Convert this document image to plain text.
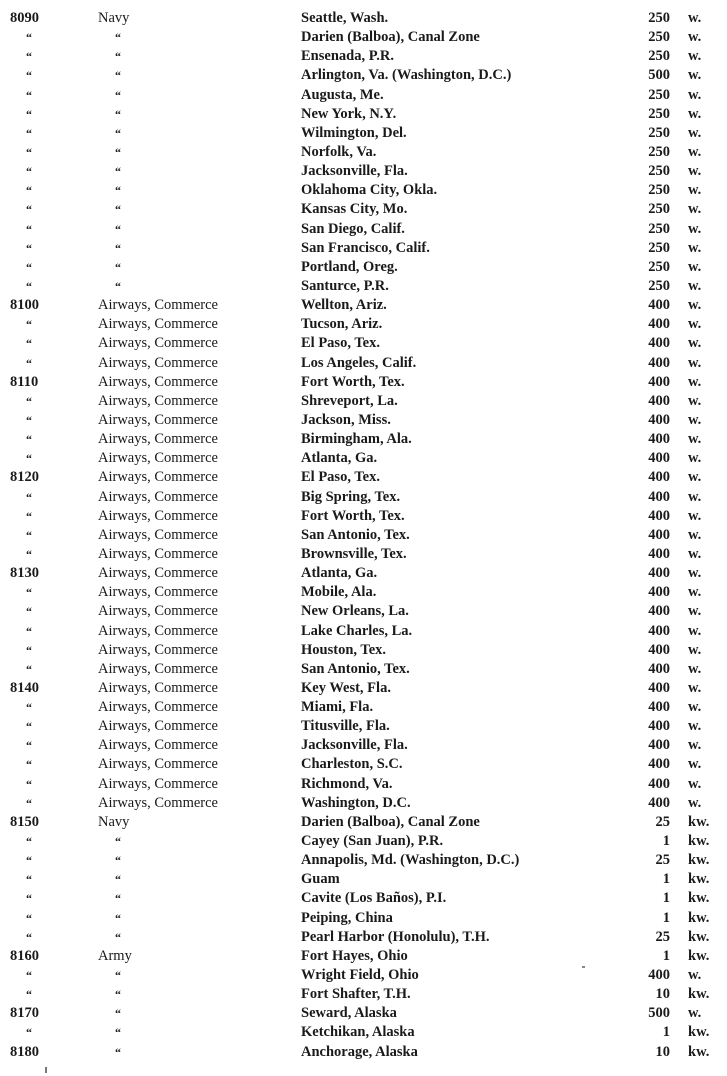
8090	Navy	Seattle, Wash.	250 w.
“	“	Darien (Balboa), Canal Zone	250 w.
“	“	Ensenada, P.R.	250 w.
“	“	Arlington, Va. (Washington, D.C.)	500 w.
“	“	Augusta, Me.	250 w.
“	“	New York, N.Y.	250 w.
“	“	Wilmington, Del.	250 w.
“	“	Norfolk, Va.	250 w.
“	“	Jacksonville, Fla.	250 w.
“	“	Oklahoma City, Okla.	250 w.
“	“	Kansas City, Mo.	250 w.
“	“	San Diego, Calif.	250 w.
“	“	San Francisco, Calif.	250 w.
“	“	Portland, Oreg.	250 w.
“	“	Santurce, P.R.	250 w.
8100	Airways, Commerce	Wellton, Ariz.	400 w.
“	Airways, Commerce	Tucson, Ariz.	400 w.
“	Airways, Commerce	El Paso, Tex.	400 w.
“	Airways, Commerce	Los Angeles, Calif.	400 w.
8110	Airways, Commerce	Fort Worth, Tex.	400 w.
“	Airways, Commerce	Shreveport, La.	400 w.
“	Airways, Commerce	Jackson, Miss.	400 w.
“	Airways, Commerce	Birmingham, Ala.	400 w.
“	Airways, Commerce	Atlanta, Ga.	400 w.
8120	Airways, Commerce	El Paso, Tex.	400 w.
“	Airways, Commerce	Big Spring, Tex.	400 w.
“	Airways, Commerce	Fort Worth, Tex.	400 w.
“	Airways, Commerce	San Antonio, Tex.	400 w.
“	Airways, Commerce	Brownsville, Tex.	400 w.
8130	Airways, Commerce	Atlanta, Ga.	400 w.
“	Airways, Commerce	Mobile, Ala.	400 w.
“	Airways, Commerce	New Orleans, La.	400 w.
“	Airways, Commerce	Lake Charles, La.	400 w.
“	Airways, Commerce	Houston, Tex.	400 w.
“	Airways, Commerce	San Antonio, Tex.	400 w.
8140	Airways, Commerce	Key West, Fla.	400 w.
“	Airways, Commerce	Miami, Fla.	400 w.
“	Airways, Commerce	Titusville, Fla.	400 w.
“	Airways, Commerce	Jacksonville, Fla.	400 w.
“	Airways, Commerce	Charleston, S.C.	400 w.
“	Airways, Commerce	Richmond, Va.	400 w.
“	Airways, Commerce	Washington, D.C.	400 w.
8150	Navy	Darien (Balboa), Canal Zone	25 kw.
“	“	Cayey (San Juan), P.R.	1 kw.
“	“	Annapolis, Md. (Washington, D.C.)	25 kw.
“	“	Guam	1 kw.
“	“	Cavite (Los Baños), P.I.	1 kw.
“	“	Peiping, China	1 kw.
“	“	Pearl Harbor (Honolulu), T.H.	25 kw.
8160	Army	Fort Hayes, Ohio	1 kw.
“	“	Wright Field, Ohio	400 w.
“	“	Fort Shafter, T.H.	10 kw.
8170	“	Seward, Alaska	500 w.
“	“	Ketchikan, Alaska	1 kw.
8180	“	Anchorage, Alaska	10 kw.
